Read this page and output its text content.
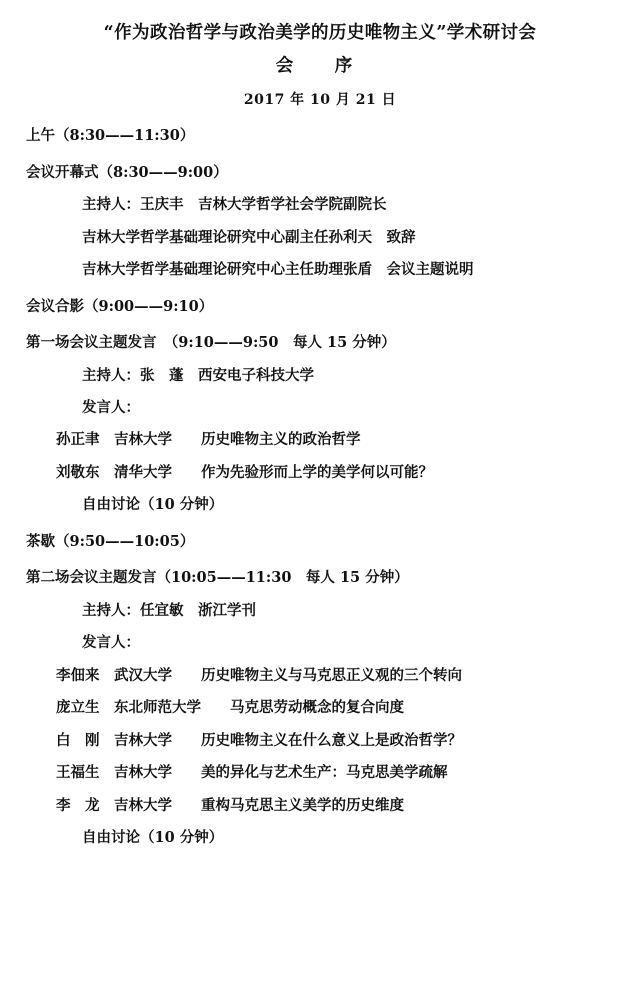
“作为政治哲学与政治美学的历史唯物主义”学术研讨会
会　序
2017 年 10 月 21 日
上午（8:30——11:30）
会议开幕式（8:30——9:00）
主持人：王庆丰　吉林大学哲学社会学院副院长
吉林大学哲学基础理论研究中心副主任孙利天　致辞
吉林大学哲学基础理论研究中心主任助理张盾　会议主题说明
会议合影（9:00——9:10）
第一场会议主题发言　（9:10——9:50　每人 15 分钟）
主持人：张　蓬　西安电子科技大学
发言人：
孙正聿　吉林大学　　历史唯物主义的政治哲学
刘敬东　清华大学　　作为先验形而上学的美学何以可能？
自由讨论（10 分钟）
茶歇（9:50——10:05）
第二场会议主题发言（10:05——11:30　每人 15 分钟）
主持人：任宜敏　浙江学刊
发言人：
李佃来　武汉大学　　历史唯物主义与马克思正义观的三个转向
庞立生　东北师范大学　　马克思劳动概念的复合向度
白　刚　吉林大学　　历史唯物主义在什么意义上是政治哲学？
王福生　吉林大学　　美的异化与艺术生产：马克思美学疏解
李　龙　吉林大学　　重构马克思主义美学的历史维度
自由讨论（10 分钟）
